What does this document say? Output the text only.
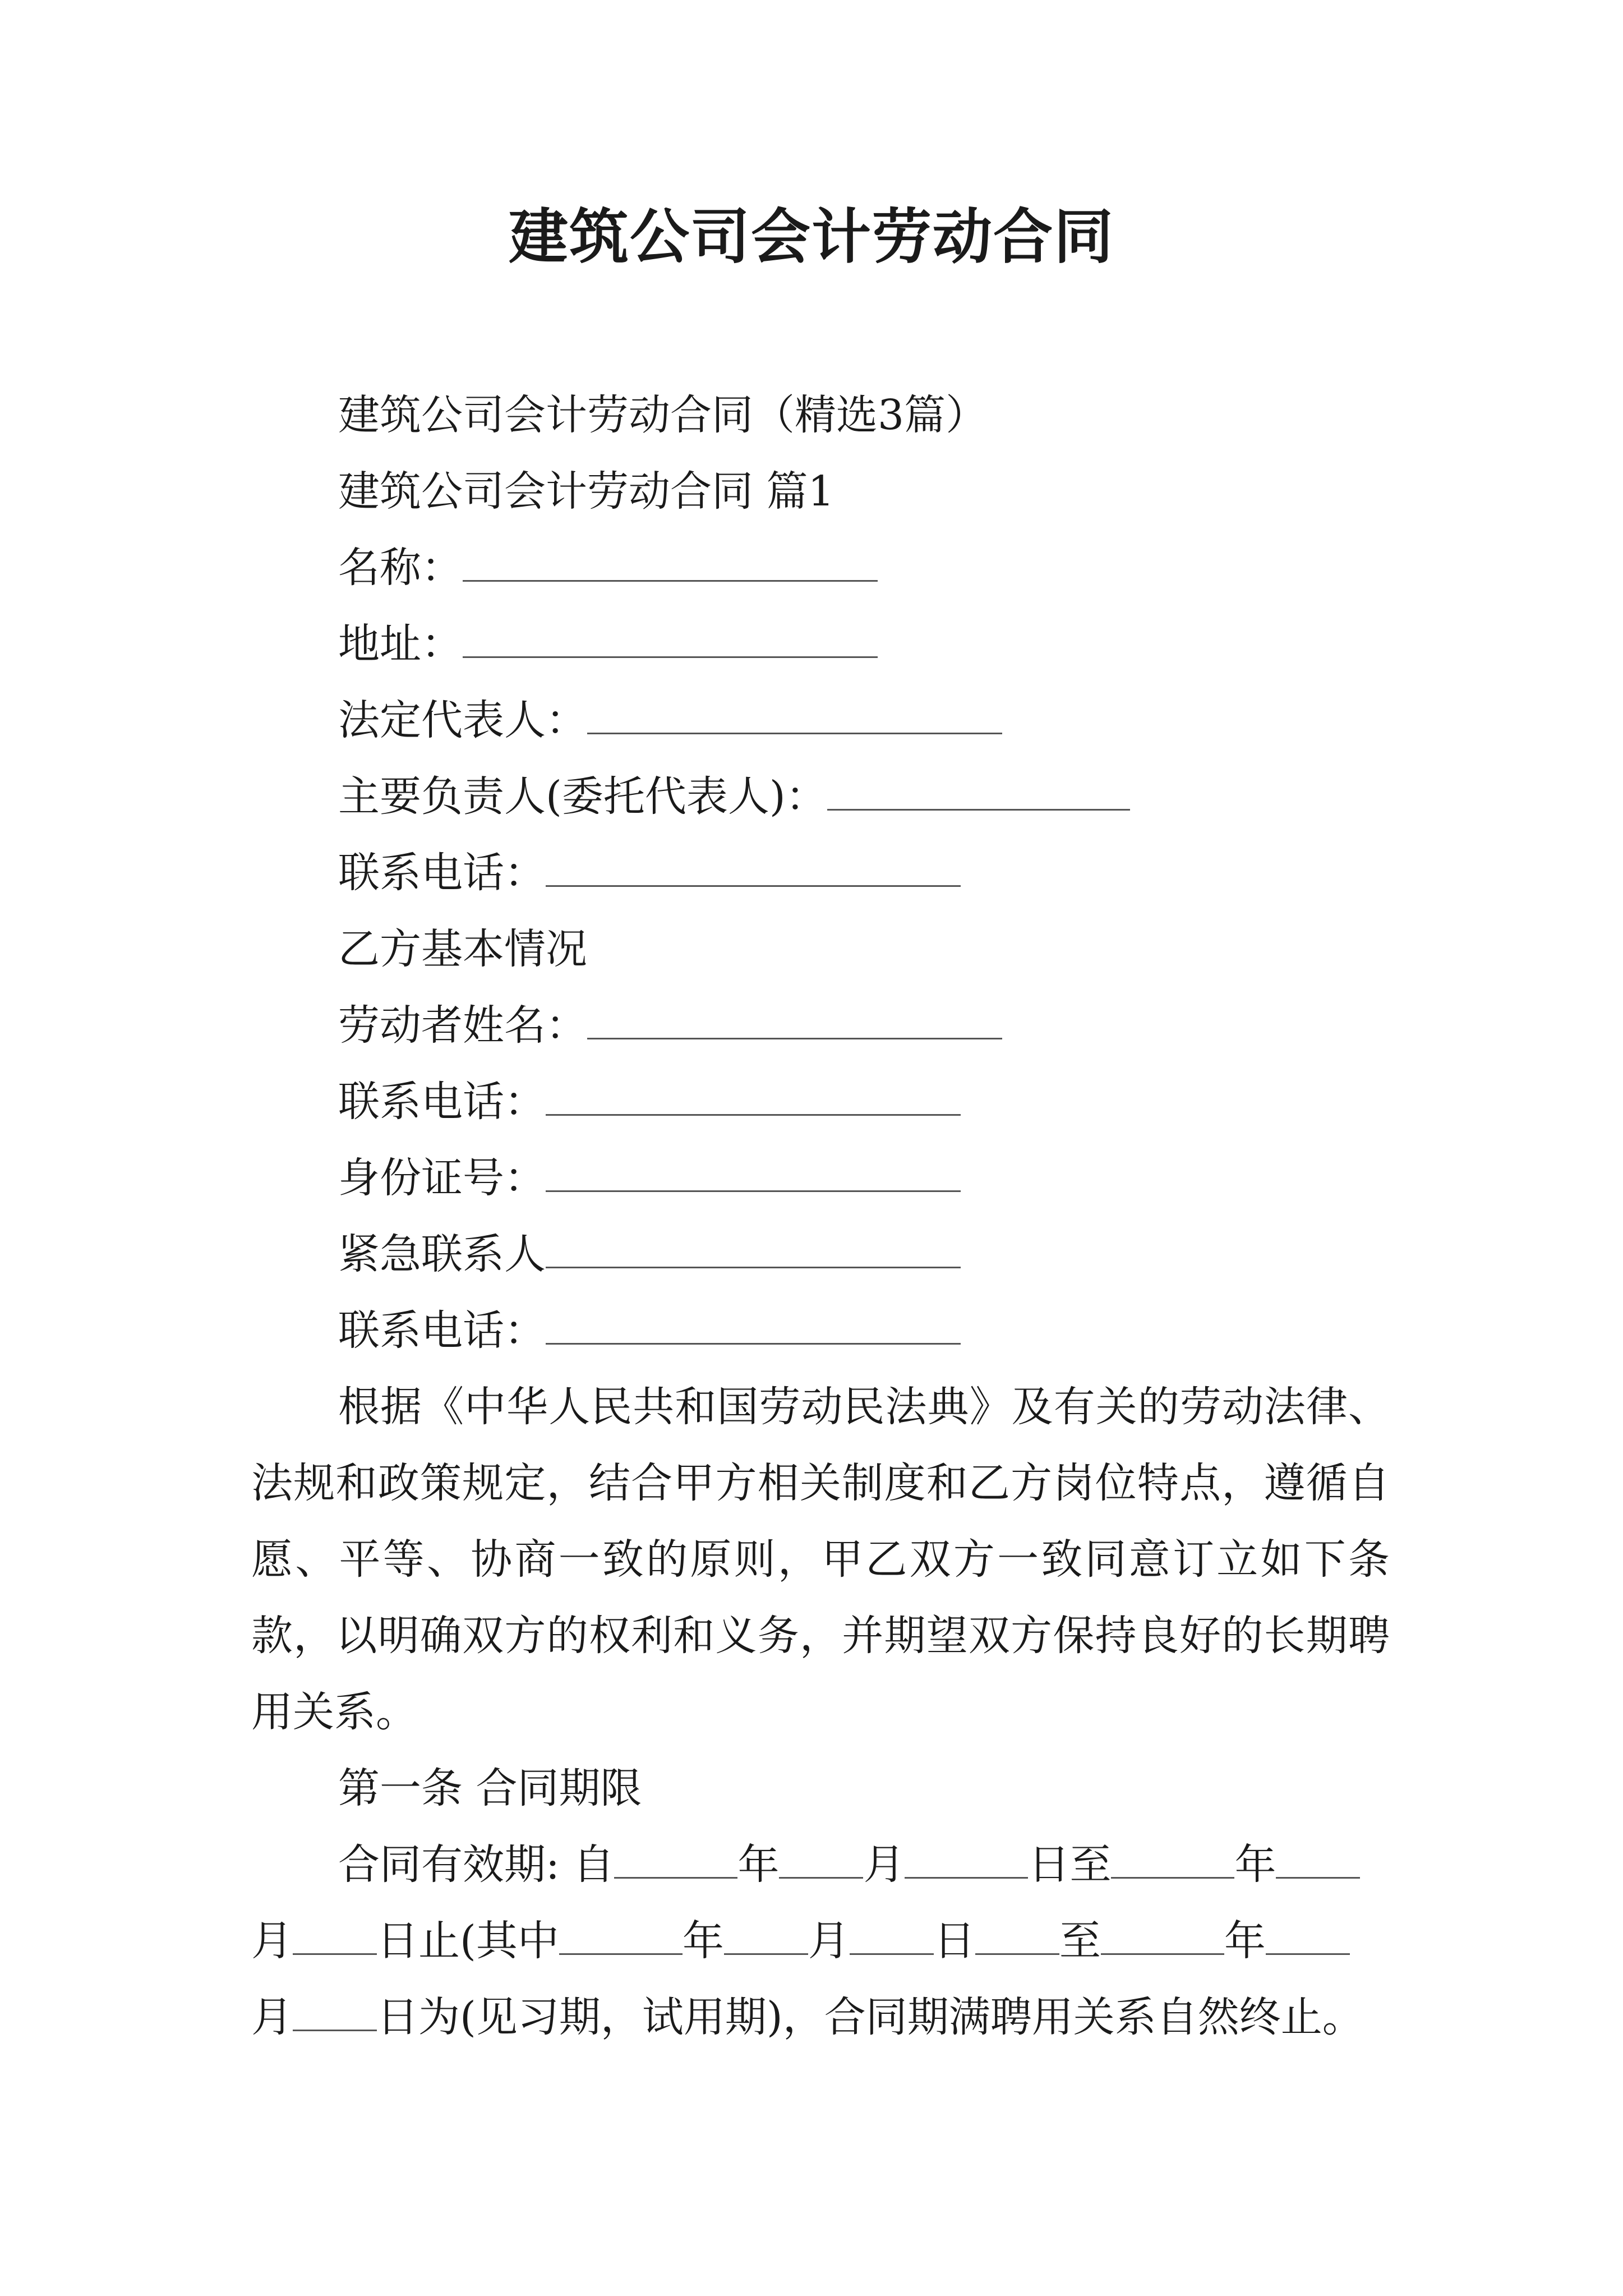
建筑公司会计劳动合同
建筑公司会计劳动合同（精选3篇）
建筑公司会计劳动合同 篇1
名称：
地址：
法定代表人：
主要负责人(委托代表人)：
联系电话：
乙方基本情况
劳动者姓名：
联系电话：
身份证号：
紧急联系人
联系电话：
根据《中华人民共和国劳动民法典》及有关的劳动法律、法规和政策规定，结合甲方相关制度和乙方岗位特点，遵循自愿、平等、协商一致的原则，甲乙双方一致同意订立如下条款，以明确双方的权利和义务，并期望双方保持良好的长期聘用关系。
第一条 合同期限
合同有效期: 自	年 月	日至	年
月 日止(其中	年 月 日 至	年
月 日为(见习期，试用期)，合同期满聘用关系自然终止。
